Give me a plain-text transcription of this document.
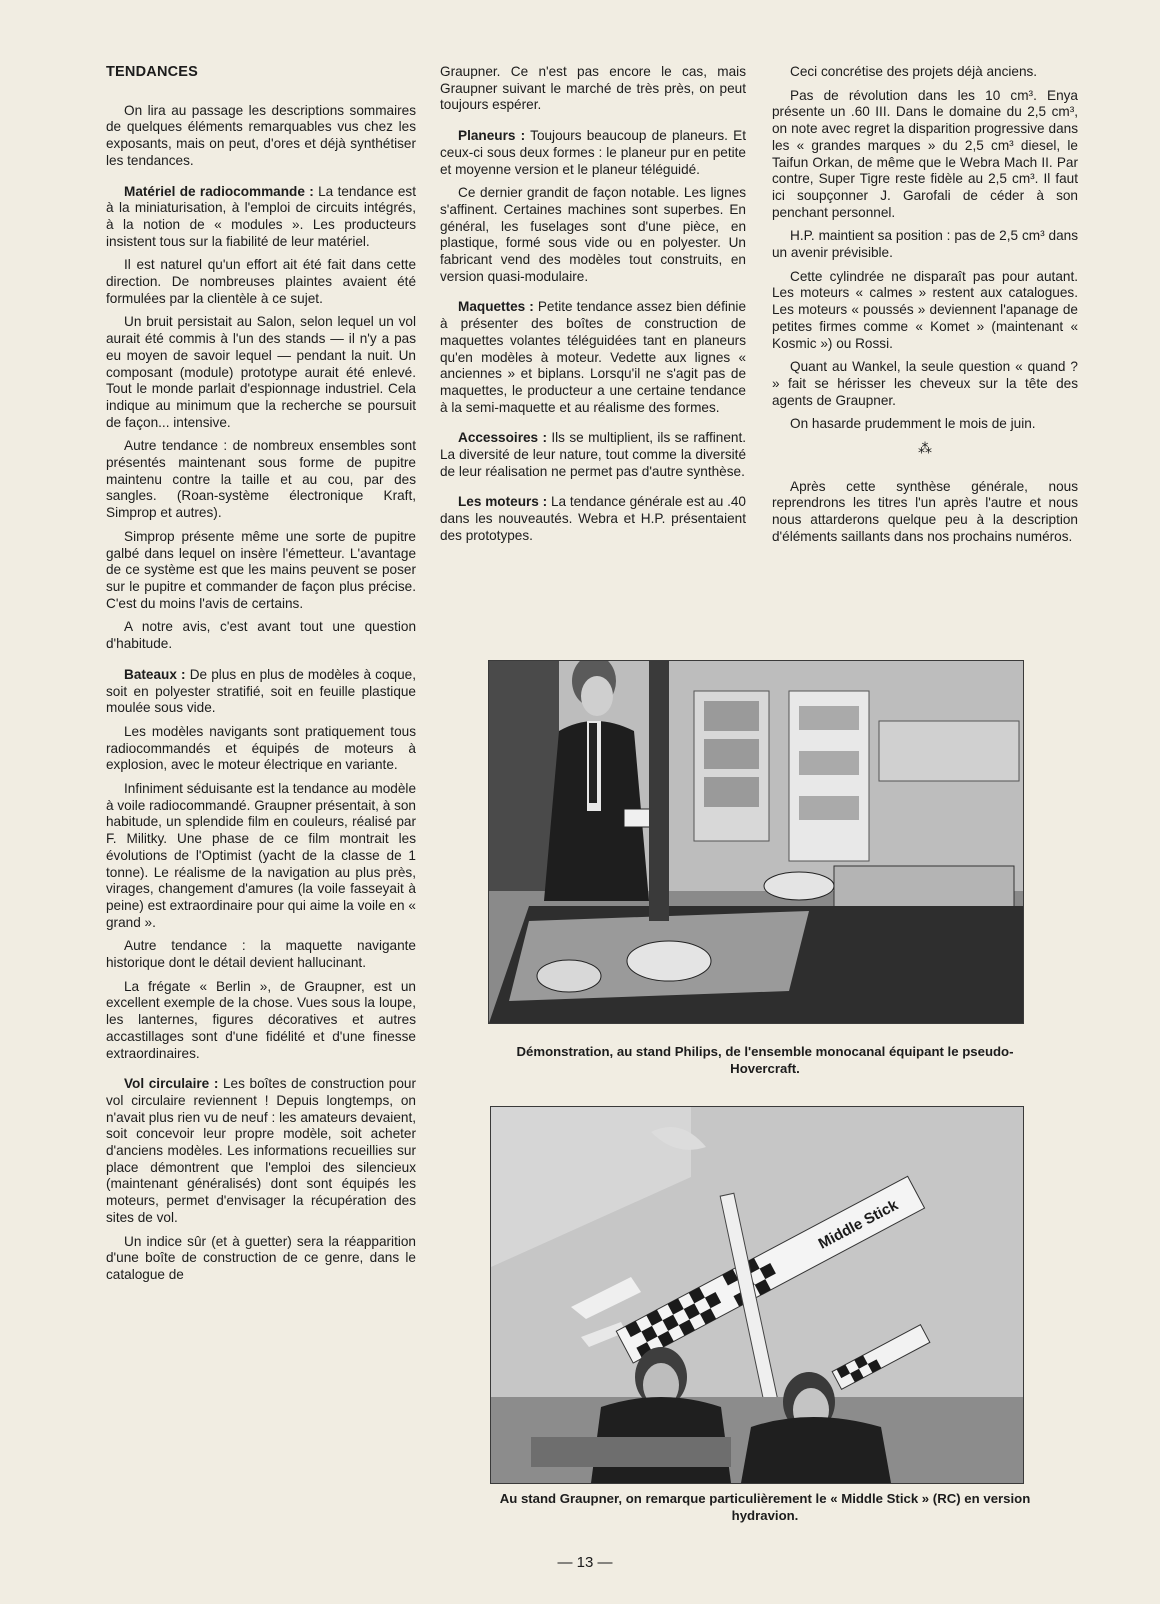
TENDANCES

On lira au passage les descriptions sommaires de quelques éléments remarquables vus chez les exposants, mais on peut, d'ores et déjà synthétiser les tendances.

Matériel de radiocommande : La tendance est à la miniaturisation, à l'emploi de circuits intégrés, à la notion de « modules ». Les producteurs insistent tous sur la fiabilité de leur matériel.

Il est naturel qu'un effort ait été fait dans cette direction. De nombreuses plaintes avaient été formulées par la clientèle à ce sujet.

Un bruit persistait au Salon, selon lequel un vol aurait été commis à l'un des stands — il n'y a pas eu moyen de savoir lequel — pendant la nuit. Un composant (module) prototype aurait été enlevé. Tout le monde parlait d'espionnage industriel. Cela indique au minimum que la recherche se poursuit de façon... intensive.

Autre tendance : de nombreux ensembles sont présentés maintenant sous forme de pupitre maintenu contre la taille et au cou, par des sangles. (Roan-système électronique Kraft, Simprop et autres).

Simprop présente même une sorte de pupitre galbé dans lequel on insère l'émetteur. L'avantage de ce système est que les mains peuvent se poser sur le pupitre et commander de façon plus précise. C'est du moins l'avis de certains.

A notre avis, c'est avant tout une question d'habitude.

Bateaux : De plus en plus de modèles à coque, soit en polyester stratifié, soit en feuille plastique moulée sous vide.

Les modèles navigants sont pratiquement tous radiocommandés et équipés de moteurs à explosion, avec le moteur électrique en variante.

Infiniment séduisante est la tendance au modèle à voile radiocommandé. Graupner présentait, à son habitude, un splendide film en couleurs, réalisé par F. Militky. Une phase de ce film montrait les évolutions de l'Optimist (yacht de la classe de 1 tonne). Le réalisme de la navigation au plus près, virages, changement d'amures (la voile fasseyait à peine) est extraordinaire pour qui aime la voile en « grand ».

Autre tendance : la maquette navigante historique dont le détail devient hallucinant.

La frégate « Berlin », de Graupner, est un excellent exemple de la chose. Vues sous la loupe, les lanternes, figures décoratives et autres accastillages sont d'une fidélité et d'une finesse extraordinaires.

Vol circulaire : Les boîtes de construction pour vol circulaire reviennent ! Depuis longtemps, on n'avait plus rien vu de neuf : les amateurs devaient, soit concevoir leur propre modèle, soit acheter d'anciens modèles. Les informations recueillies sur place démontrent que l'emploi des silencieux (maintenant généralisés) dont sont équipés les moteurs, permet d'envisager la récupération des sites de vol.

Un indice sûr (et à guetter) sera la réapparition d'une boîte de construction de ce genre, dans le catalogue de

Graupner. Ce n'est pas encore le cas, mais Graupner suivant le marché de très près, on peut toujours espérer.

Planeurs : Toujours beaucoup de planeurs. Et ceux-ci sous deux formes : le planeur pur en petite et moyenne version et le planeur téléguidé.

Ce dernier grandit de façon notable. Les lignes s'affinent. Certaines machines sont superbes. En général, les fuselages sont d'une pièce, en plastique, formé sous vide ou en polyester. Un fabricant vend des modèles tout construits, en version quasi-modulaire.

Maquettes : Petite tendance assez bien définie à présenter des boîtes de construction de maquettes volantes téléguidées tant en planeurs qu'en modèles à moteur. Vedette aux lignes « anciennes » et biplans. Lorsqu'il ne s'agit pas de maquettes, le producteur a une certaine tendance à la semi-maquette et au réalisme des formes.

Accessoires : Ils se multiplient, ils se raffinent. La diversité de leur nature, tout comme la diversité de leur réalisation ne permet pas d'autre synthèse.

Les moteurs : La tendance générale est au .40 dans les nouveautés. Webra et H.P. présentaient des prototypes.

Ceci concrétise des projets déjà anciens.

Pas de révolution dans les 10 cm³. Enya présente un .60 III. Dans le domaine du 2,5 cm³, on note avec regret la disparition progressive dans les « grandes marques » du 2,5 cm³ diesel, le Taifun Orkan, de même que le Webra Mach II. Par contre, Super Tigre reste fidèle au 2,5 cm³. Il faut ici soupçonner J. Garofali de céder à son penchant personnel.

H.P. maintient sa position : pas de 2,5 cm³ dans un avenir prévisible.

Cette cylindrée ne disparaît pas pour autant. Les moteurs « calmes » restent aux catalogues. Les moteurs « poussés » deviennent l'apanage de petites firmes comme « Komet » (maintenant « Kosmic ») ou Rossi.

Quant au Wankel, la seule question « quand ? » fait se hérisser les cheveux sur la tête des agents de Graupner.

On hasarde prudemment le mois de juin.

⁂

Après cette synthèse générale, nous reprendrons les titres l'un après l'autre et nous nous attarderons quelque peu à la description d'éléments saillants dans nos prochains numéros.

Démonstration, au stand Philips, de l'ensemble monocanal équipant le pseudo-Hovercraft.
Middle Stick
Au stand Graupner, on remarque particulièrement le « Middle Stick » (RC) en version hydravion.
— 13 —
